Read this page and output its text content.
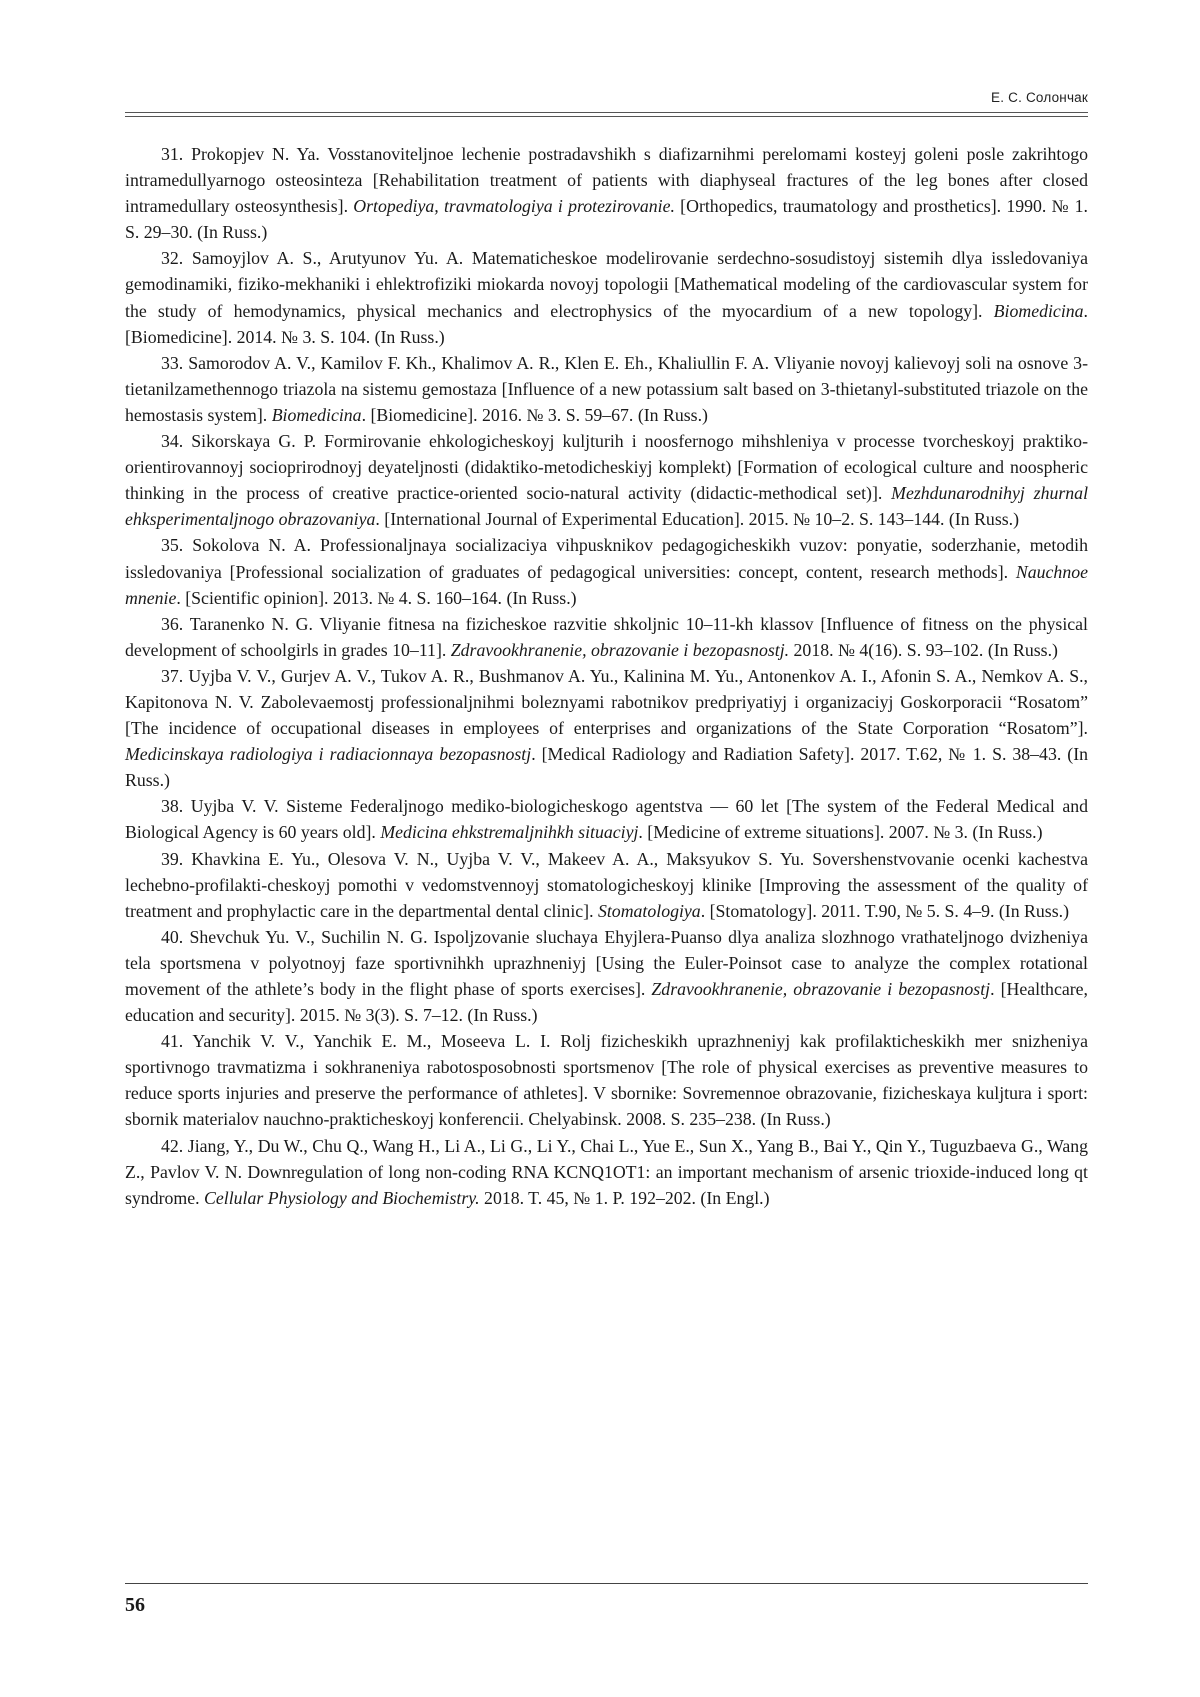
Е. С. Солончак

31. Prokopjev N. Ya. Vosstanoviteljnoe lechenie postradavshikh s diafizarnihmi perelomami kosteyj goleni posle zakrihtogo intramedullyarnogo osteosinteza [Rehabilitation treatment of patients with diaphyseal fractures of the leg bones after closed intramedullary osteosynthesis]. Ortopediya, travmatologiya i protezirovanie. [Orthopedics, traumatology and prosthetics]. 1990. № 1. S. 29–30. (In Russ.)

32. Samoyjlov A. S., Arutyunov Yu. A. Matematicheskoe modelirovanie serdechno-sosudistoyj sistemih dlya issledovaniya gemodinamiki, fiziko-mekhaniki i ehlektrofiziki miokarda novoyj topologii [Mathematical modeling of the cardiovascular system for the study of hemodynamics, physical mechanics and electrophysics of the myocardium of a new topology]. Biomedicina. [Biomedicine]. 2014. № 3. S. 104. (In Russ.)

33. Samorodov A. V., Kamilov F. Kh., Khalimov A. R., Klen E. Eh., Khaliullin F. A. Vliyanie novoyj kalievoyj soli na osnove 3-tietanilzamethennogo triazola na sistemu gemostaza [Influence of a new potassium salt based on 3-thietanyl-substituted triazole on the hemostasis system]. Biomedicina. [Biomedicine]. 2016. № 3. S. 59–67. (In Russ.)

34. Sikorskaya G. P. Formirovanie ehkologicheskoyj kuljturih i noosfernogo mihshleniya v processe tvorcheskoyj praktiko-orientirovannoyj socioprirodnoyj deyateljnosti (didaktiko-metodicheskiyj komplekt) [Formation of ecological culture and noospheric thinking in the process of creative practice-oriented socio-natural activity (didactic-methodical set)]. Mezhdunarodnihyj zhurnal ehksperimentaljnogo obrazovaniya. [International Journal of Experimental Education]. 2015. № 10–2. S. 143–144. (In Russ.)

35. Sokolova N. A. Professionaljnaya socializaciya vihpusknikov pedagogicheskikh vuzov: ponyatie, soderzhanie, metodih issledovaniya [Professional socialization of graduates of pedagogical universities: concept, content, research methods]. Nauchnoe mnenie. [Scientific opinion]. 2013. № 4. S. 160–164. (In Russ.)

36. Taranenko N. G. Vliyanie fitnesa na fizicheskoe razvitie shkoljnic 10–11-kh klassov [Influence of fitness on the physical development of schoolgirls in grades 10–11]. Zdravookhranenie, obrazovanie i bezopasnostj. 2018. № 4(16). S. 93–102. (In Russ.)

37. Uyjba V. V., Gurjev A. V., Tukov A. R., Bushmanov A. Yu., Kalinina M. Yu., Antonenkov A. I., Afonin S. A., Nemkov A. S., Kapitonova N. V. Zabolevaemostj professionaljnihmi boleznyami rabotnikov predpriyatiyj i organizaciyj Goskorporacii “Rosatom” [The incidence of occupational diseases in employees of enterprises and organizations of the State Corporation “Rosatom”]. Medicinskaya radiologiya i radiacionnaya bezopasnostj. [Medical Radiology and Radiation Safety]. 2017. T.62, № 1. S. 38–43. (In Russ.)

38. Uyjba V. V. Sisteme Federaljnogo mediko-biologicheskogo agentstva — 60 let [The system of the Federal Medical and Biological Agency is 60 years old]. Medicina ehkstremaljnihkh situaciyj. [Medicine of extreme situations]. 2007. № 3. (In Russ.)

39. Khavkina E. Yu., Olesova V. N., Uyjba V. V., Makeev A. A., Maksyukov S. Yu. Sovershenstvovanie ocenki kachestva lechebno-profilakti-cheskoyj pomothi v vedomstvennoyj stomatologicheskoyj klinike [Improving the assessment of the quality of treatment and prophylactic care in the departmental dental clinic]. Stomatologiya. [Stomatology]. 2011. T.90, № 5. S. 4–9. (In Russ.)

40. Shevchuk Yu. V., Suchilin N. G. Ispoljzovanie sluchaya Ehyjlera-Puanso dlya analiza slozhnogo vrathateljnogo dvizheniya tela sportsmena v polyotnoyj faze sportivnihkh uprazhneniyj [Using the Euler-Poinsot case to analyze the complex rotational movement of the athlete’s body in the flight phase of sports exercises]. Zdravookhranenie, obrazovanie i bezopasnostj. [Healthcare, education and security]. 2015. № 3(3). S. 7–12. (In Russ.)

41. Yanchik V. V., Yanchik E. M., Moseeva L. I. Rolj fizicheskikh uprazhneniyj kak profilakticheskikh mer snizheniya sportivnogo travmatizma i sokhraneniya rabotosposobnosti sportsmenov [The role of physical exercises as preventive measures to reduce sports injuries and preserve the performance of athletes]. V sbornike: Sovremennoe obrazovanie, fizicheskaya kuljtura i sport: sbornik materialov nauchno-prakticheskoyj konferencii. Chelyabinsk. 2008. S. 235–238. (In Russ.)

42. Jiang, Y., Du W., Chu Q., Wang H., Li A., Li G., Li Y., Chai L., Yue E., Sun X., Yang B., Bai Y., Qin Y., Tuguzbaeva G., Wang Z., Pavlov V. N. Downregulation of long non-coding RNA KCNQ1OT1: an important mechanism of arsenic trioxide-induced long qt syndrome. Cellular Physiology and Biochemistry. 2018. T. 45, № 1. P. 192–202. (In Engl.)

56
